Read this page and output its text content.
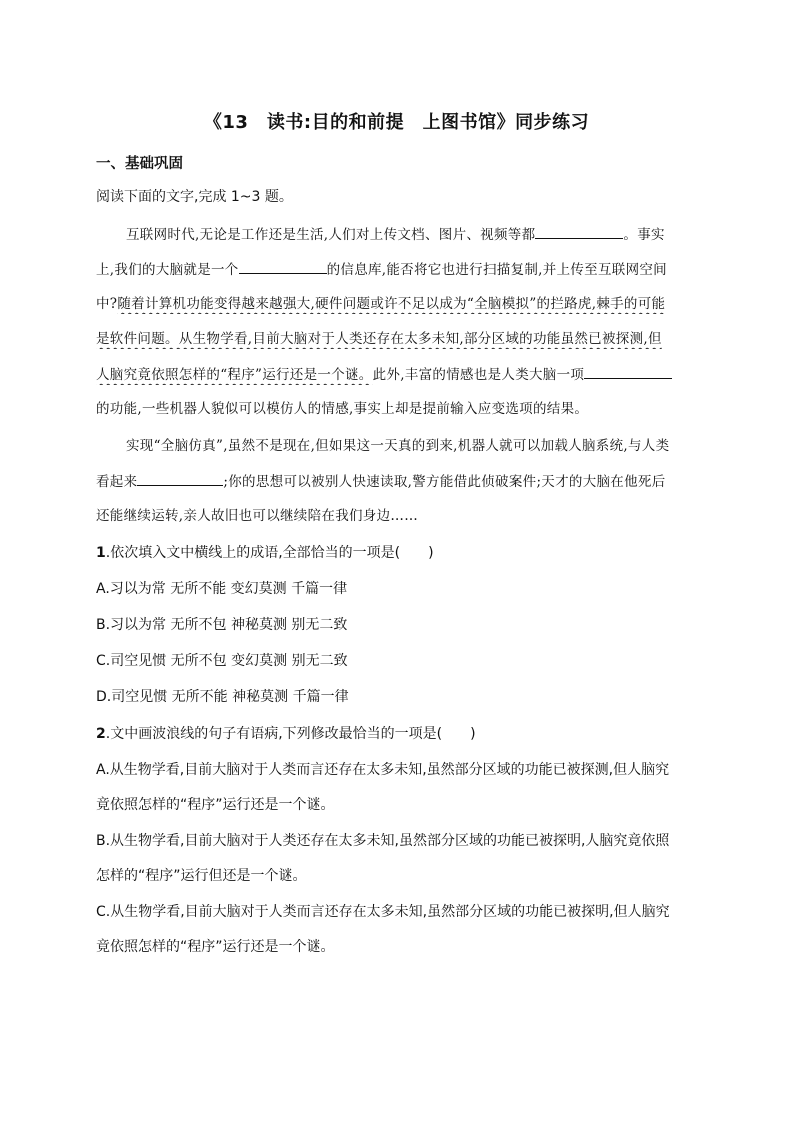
《13　读书:目的和前提　上图书馆》同步练习
一、基础巩固
阅读下面的文字,完成 1~3 题。
互联网时代,无论是工作还是生活,人们对上传文档、图片、视频等都	。事实
上,我们的大脑就是一个	的信息库,能否将它也进行扫描复制,并上传至互联网空间
中?随着计算机功能变得越来越强大,硬件问题或许不足以成为“全脑模拟”的拦路虎,棘手的可能
是软件问题。从生物学看,目前大脑对于人类还存在太多未知,部分区域的功能虽然已被探测,但
人脑究竟依照怎样的“程序”运行还是一个谜。此外,丰富的情感也是人类大脑一项
的功能,一些机器人貌似可以模仿人的情感,事实上却是提前输入应变选项的结果。
实现“全脑仿真”,虽然不是现在,但如果这一天真的到来,机器人就可以加载人脑系统,与人类
看起来	;你的思想可以被别人快速读取,警方能借此侦破案件;天才的大脑在他死后
还能继续运转,亲人故旧也可以继续陪在我们身边……
1.依次填入文中横线上的成语,全部恰当的一项是(　　)
A.习以为常 无所不能 变幻莫测 千篇一律
B.习以为常 无所不包 神秘莫测 别无二致
C.司空见惯 无所不包 变幻莫测 别无二致
D.司空见惯 无所不能 神秘莫测 千篇一律
2.文中画波浪线的句子有语病,下列修改最恰当的一项是(　　)
A.从生物学看,目前大脑对于人类而言还存在太多未知,虽然部分区域的功能已被探测,但人脑究
竟依照怎样的“程序”运行还是一个谜。
B.从生物学看,目前大脑对于人类还存在太多未知,虽然部分区域的功能已被探明,人脑究竟依照
怎样的“程序”运行但还是一个谜。
C.从生物学看,目前大脑对于人类而言还存在太多未知,虽然部分区域的功能已被探明,但人脑究
竟依照怎样的“程序”运行还是一个谜。
